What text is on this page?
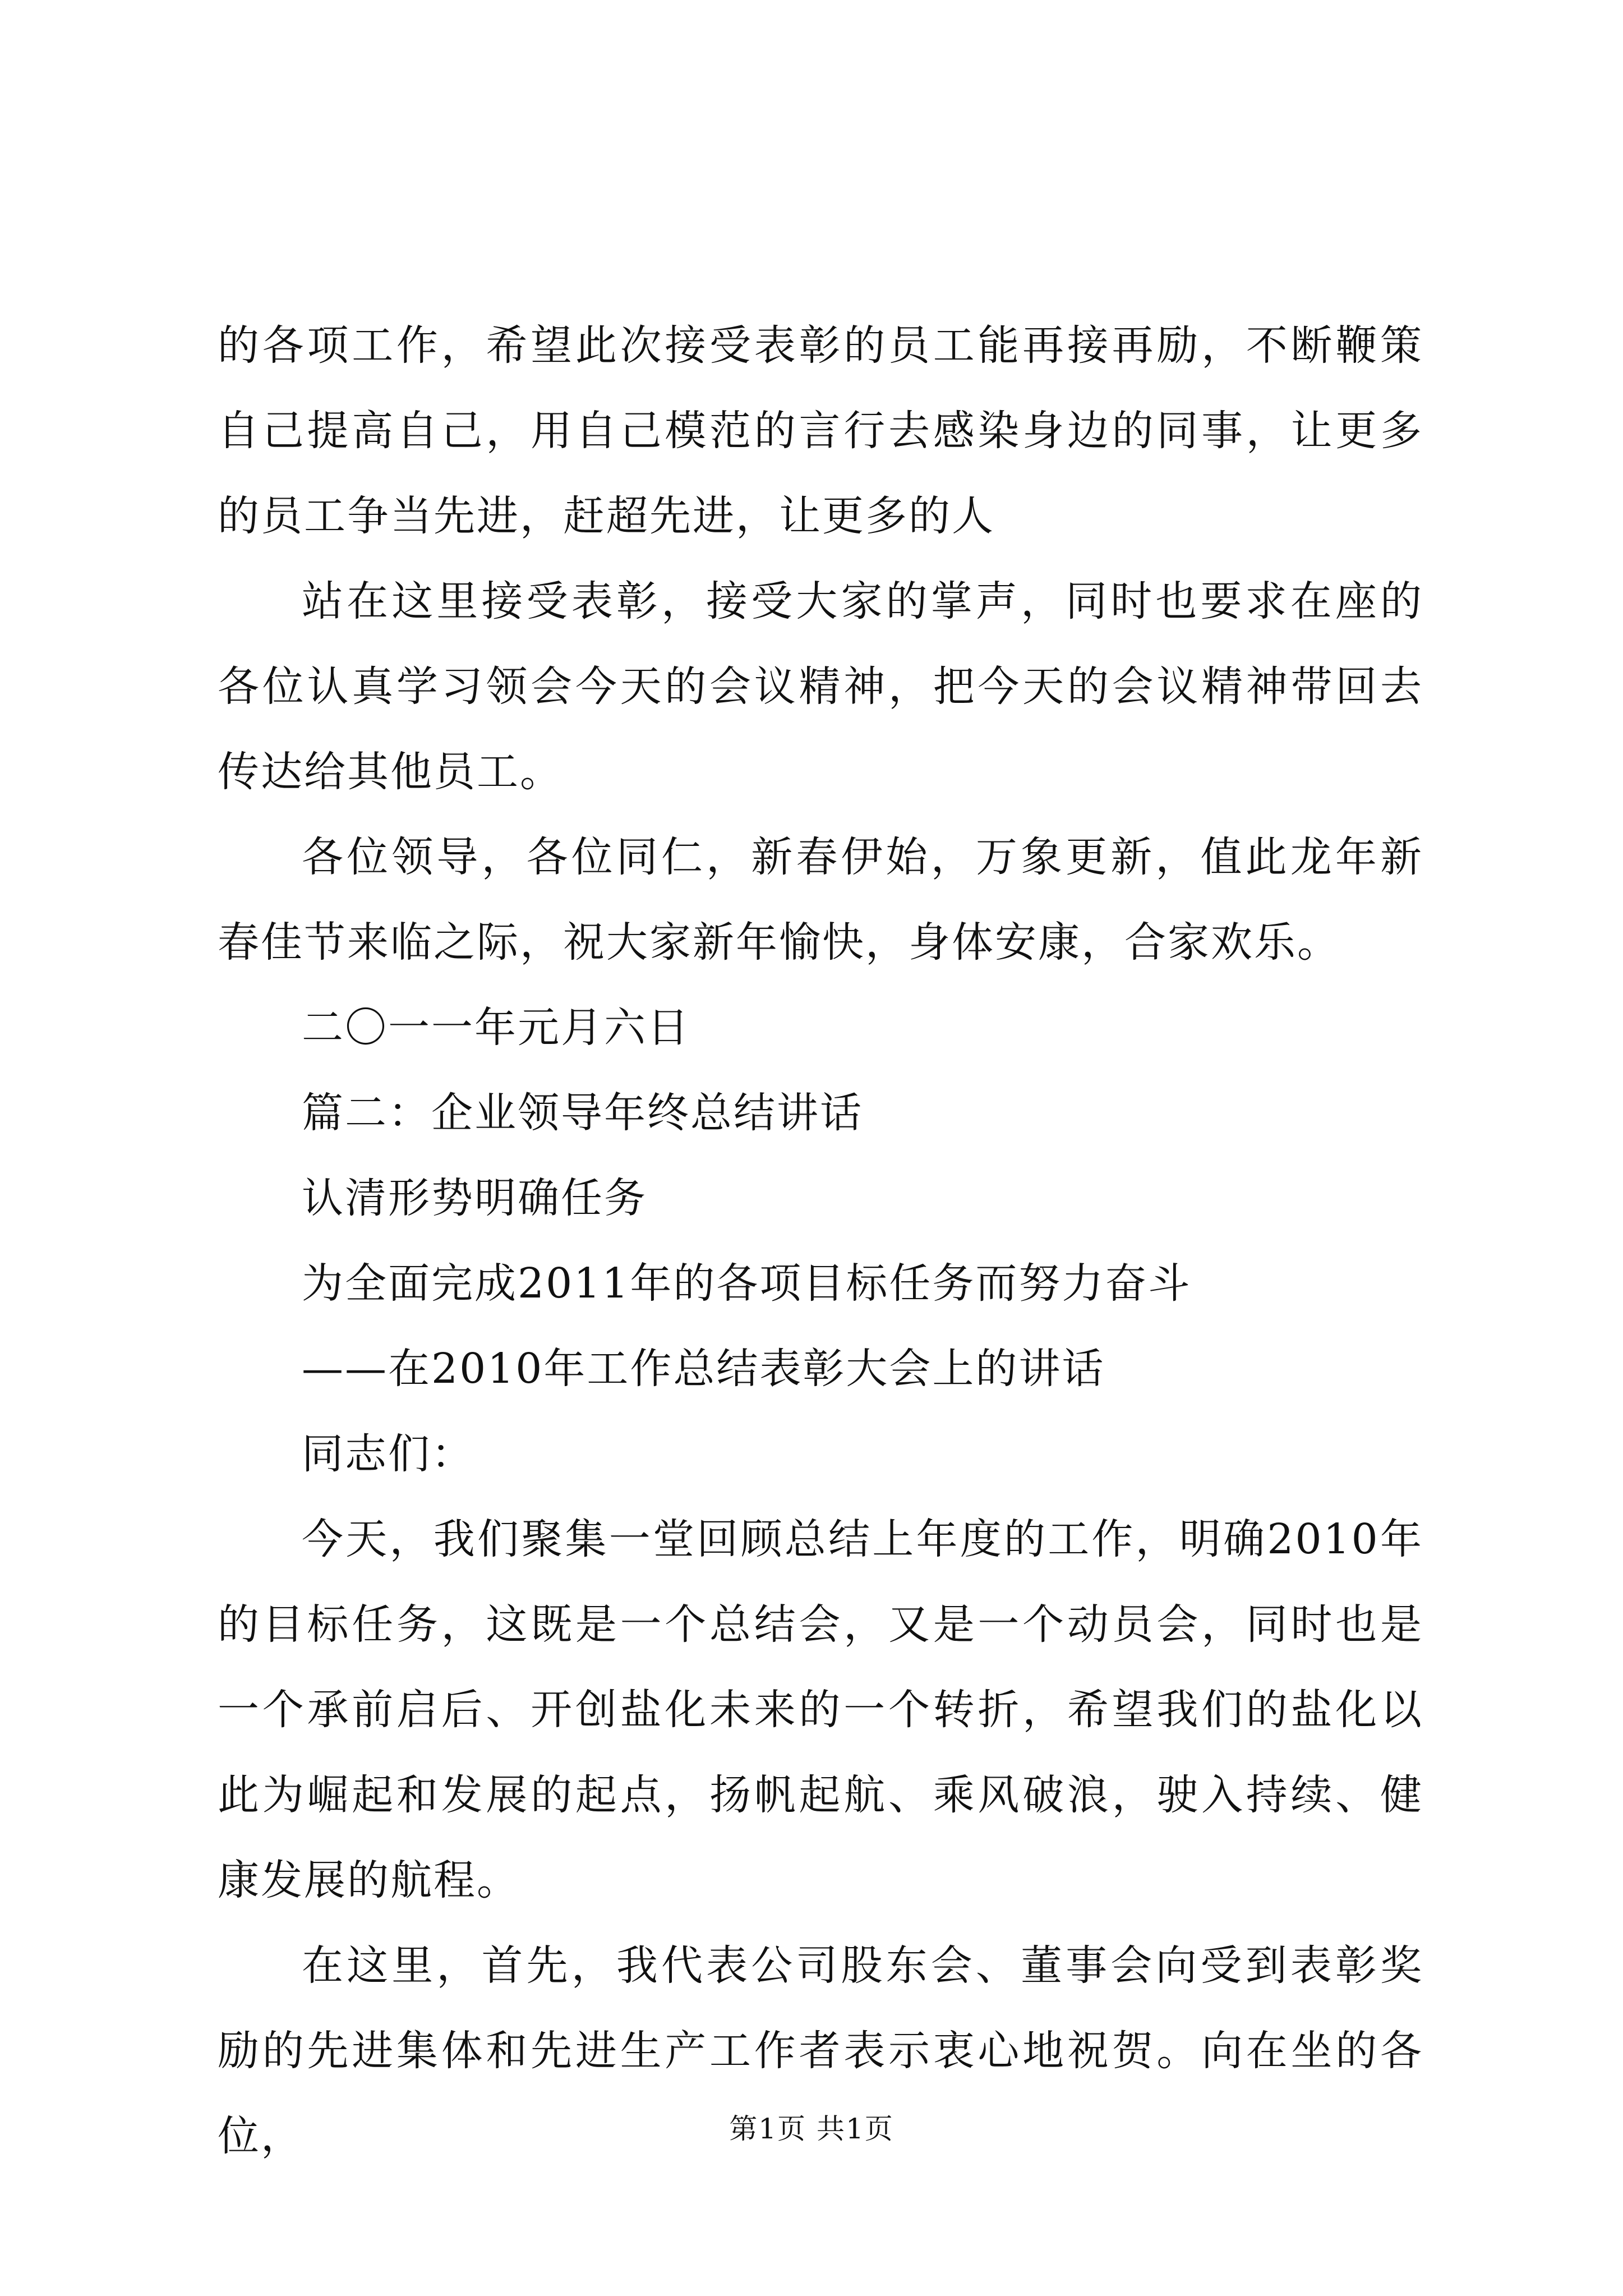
的各项工作，希望此次接受表彰的员工能再接再励，不断鞭策自己提高自己，用自己模范的言行去感染身边的同事，让更多的员工争当先进，赶超先进，让更多的人

站在这里接受表彰，接受大家的掌声，同时也要求在座的各位认真学习领会今天的会议精神，把今天的会议精神带回去传达给其他员工。

各位领导，各位同仁，新春伊始，万象更新，值此龙年新春佳节来临之际，祝大家新年愉快，身体安康，合家欢乐。

二〇一一年元月六日

篇二：企业领导年终总结讲话

认清形势明确任务

为全面完成2011年的各项目标任务而努力奋斗

——在2010年工作总结表彰大会上的讲话

同志们：

今天，我们聚集一堂回顾总结上年度的工作，明确2010年的目标任务，这既是一个总结会，又是一个动员会，同时也是一个承前启后、开创盐化未来的一个转折，希望我们的盐化以此为崛起和发展的起点，扬帆起航、乘风破浪，驶入持续、健康发展的航程。

在这里，首先，我代表公司股东会、董事会向受到表彰奖励的先进集体和先进生产工作者表示衷心地祝贺。向在坐的各位，	第1页 共1页
